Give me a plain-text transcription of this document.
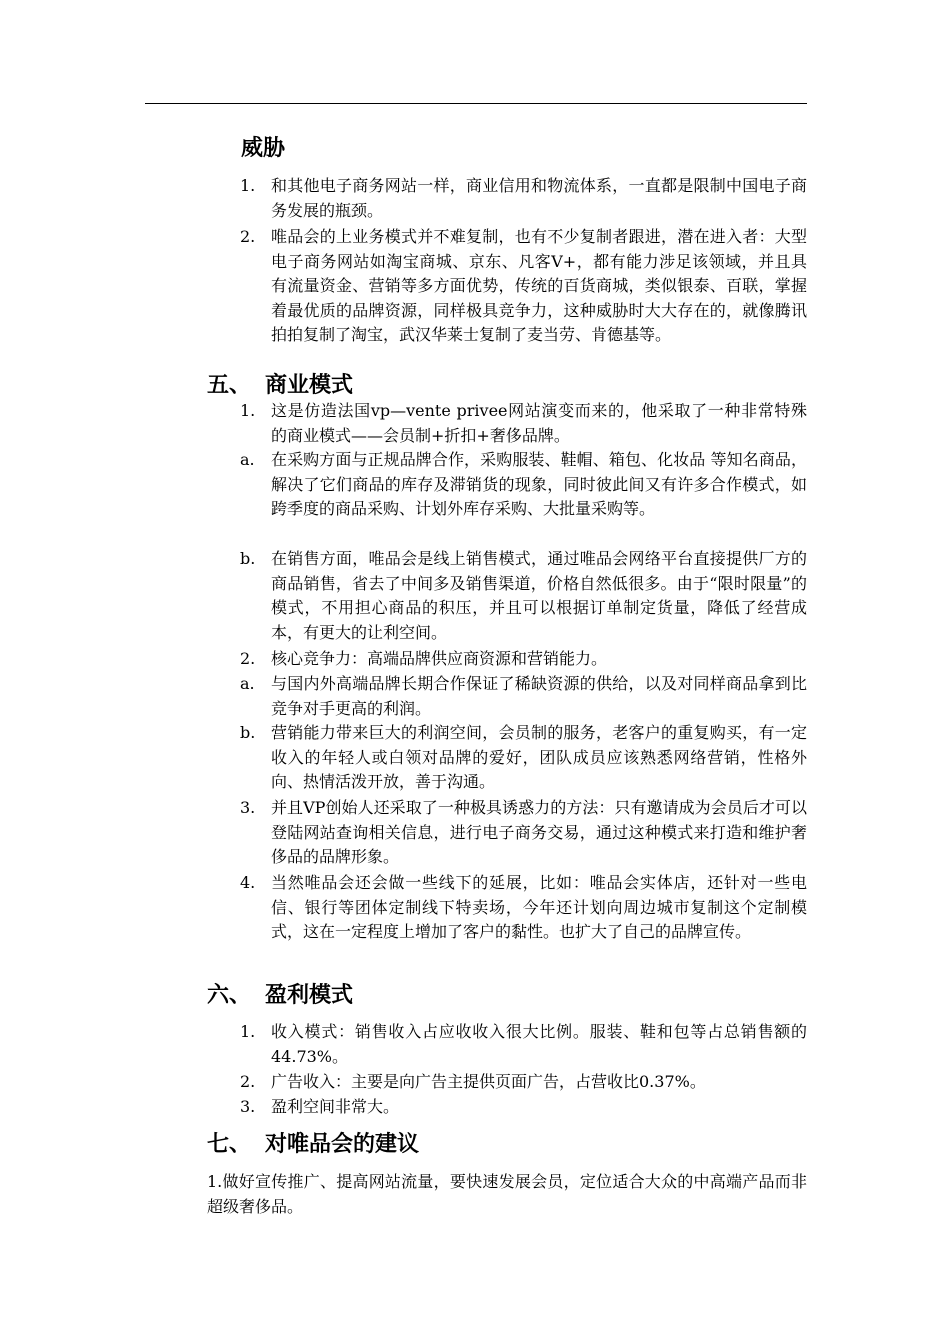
威胁
1. 和其他电子商务网站一样，商业信用和物流体系，一直都是限制中国电子商务发展的瓶颈。
2. 唯品会的上业务模式并不难复制，也有不少复制者跟进，潜在进入者：大型电子商务网站如淘宝商城、京东、凡客V+，都有能力涉足该领域，并且具有流量资金、营销等多方面优势，传统的百货商城，类似银泰、百联，掌握着最优质的品牌资源，同样极具竞争力，这种威胁时大大存在的，就像腾讯拍拍复制了淘宝，武汉华莱士复制了麦当劳、肯德基等。
五、 商业模式
1. 这是仿造法国vp—vente privee网站演变而来的，他采取了一种非常特殊的商业模式——会员制+折扣+奢侈品牌。
a. 在采购方面与正规品牌合作，采购服装、鞋帽、箱包、化妆品 等知名商品，解决了它们商品的库存及滞销货的现象，同时彼此间又有许多合作模式，如跨季度的商品采购、计划外库存采购、大批量采购等。
b. 在销售方面，唯品会是线上销售模式，通过唯品会网络平台直接提供厂方的商品销售，省去了中间多及销售渠道，价格自然低很多。由于“限时限量”的模式，不用担心商品的积压，并且可以根据订单制定货量，降低了经营成本，有更大的让利空间。
2. 核心竞争力：高端品牌供应商资源和营销能力。
a. 与国内外高端品牌长期合作保证了稀缺资源的供给，以及对同样商品拿到比竞争对手更高的利润。
b. 营销能力带来巨大的利润空间，会员制的服务，老客户的重复购买，有一定收入的年轻人或白领对品牌的爱好，团队成员应该熟悉网络营销，性格外向、热情活泼开放，善于沟通。
3. 并且VP创始人还采取了一种极具诱惑力的方法：只有邀请成为会员后才可以登陆网站查询相关信息，进行电子商务交易，通过这种模式来打造和维护奢侈品的品牌形象。
4. 当然唯品会还会做一些线下的延展，比如：唯品会实体店，还针对一些电信、银行等团体定制线下特卖场，今年还计划向周边城市复制这个定制模式，这在一定程度上增加了客户的黏性。也扩大了自己的品牌宣传。
六、 盈利模式
1. 收入模式：销售收入占应收收入很大比例。服装、鞋和包等占总销售额的44.73%。
2. 广告收入：主要是向广告主提供页面广告，占营收比0.37%。
3. 盈利空间非常大。
七、 对唯品会的建议
1.做好宣传推广、提高网站流量，要快速发展会员，定位适合大众的中高端产品而非超级奢侈品。
